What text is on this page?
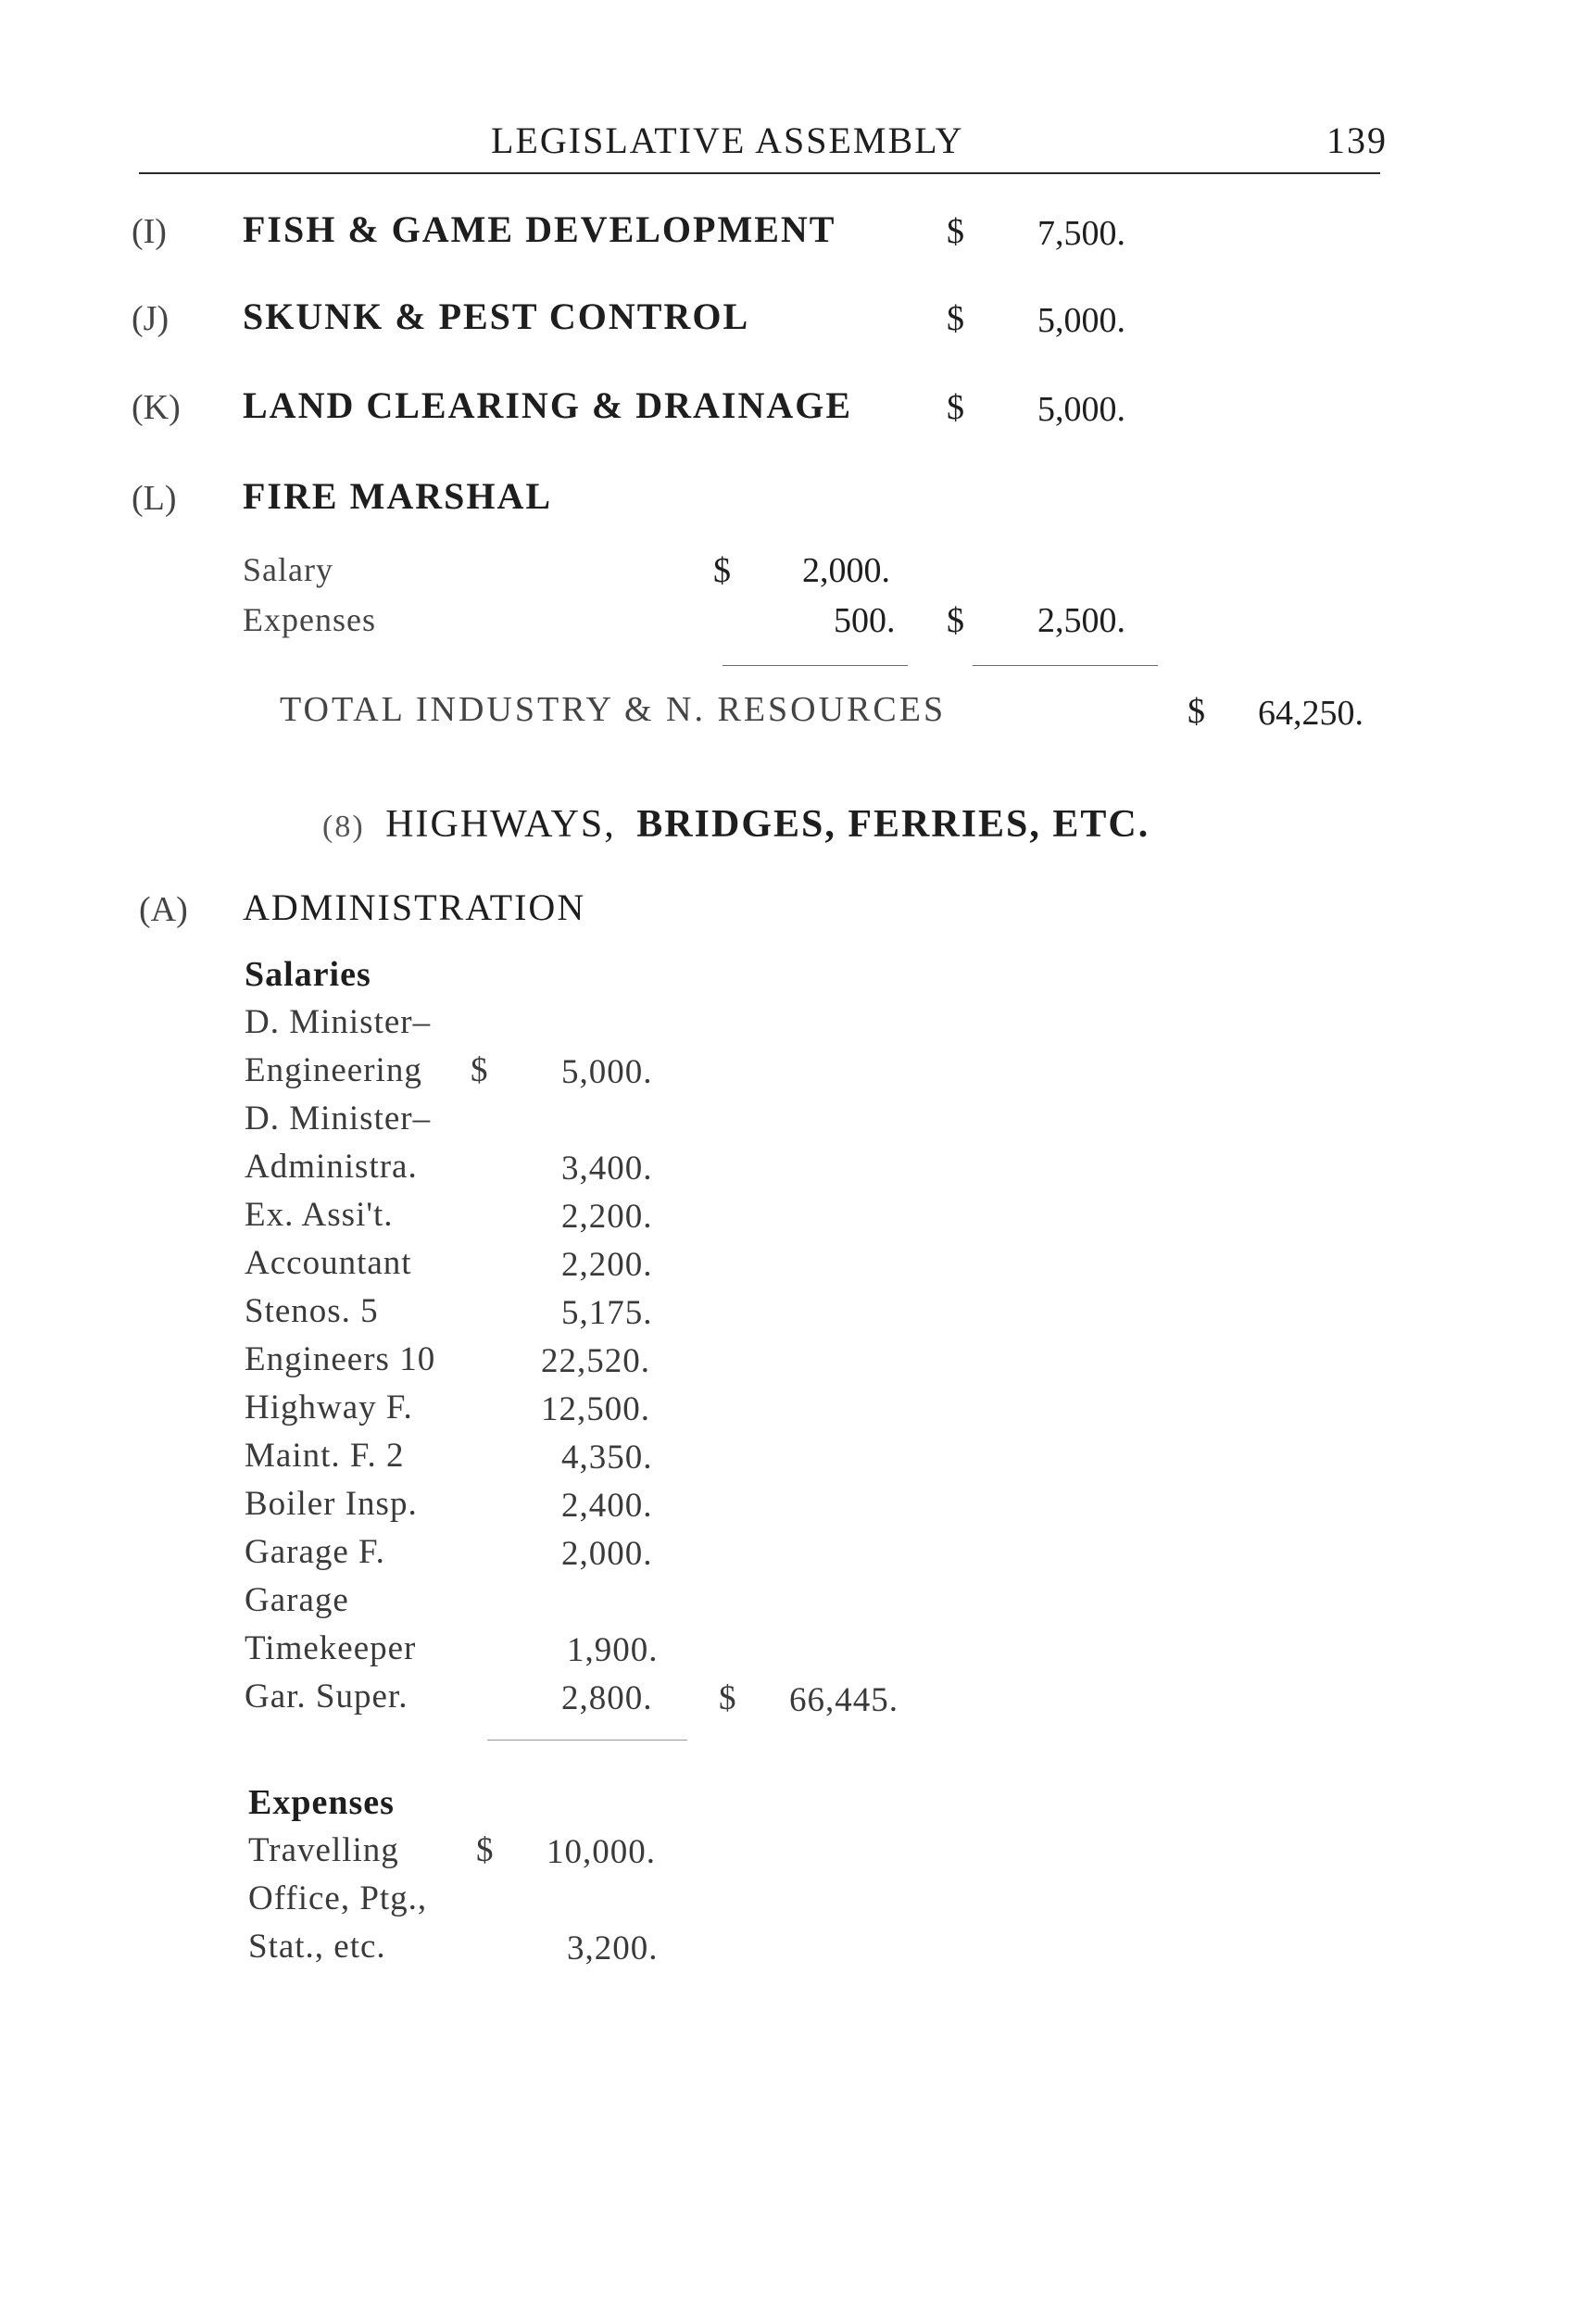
LEGISLATIVE ASSEMBLY	139
(I) FISH & GAME DEVELOPMENT	$ 7,500.
(J) SKUNK & PEST CONTROL	$ 5,000.
(K) LAND CLEARING & DRAINAGE	$ 5,000.
(L) FIRE MARSHAL
Salary	$ 2,000.
Expenses	500. $ 2,500.
TOTAL INDUSTRY & N. RESOURCES	$ 64,250.
(8) HIGHWAYS, BRIDGES, FERRIES, ETC.
(A) ADMINISTRATION
Salaries
D. Minister–
Engineering $ 5,000.
D. Minister–
Administra.	3,400.
Ex. Assi't.	2,200.
Accountant	2,200.
Stenos. 5	5,175.
Engineers 10	22,520.
Highway F.	12,500.
Maint. F. 2	4,350.
Boiler Insp.	2,400.
Garage F.	2,000.
Garage
Timekeeper	1,900.
Gar. Super.	2,800. $ 66,445.
Expenses
Travelling $ 10,000.
Office, Ptg.,
Stat., etc.	3,200.
